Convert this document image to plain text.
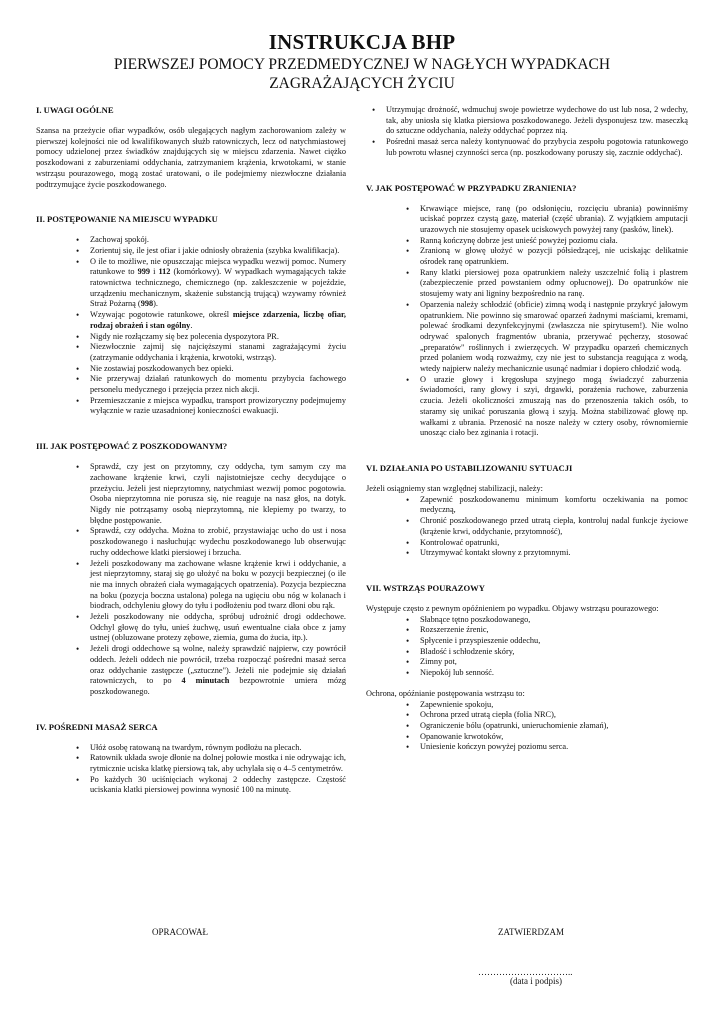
INSTRUKCJA BHP
PIERWSZEJ POMOCY PRZEDMEDYCZNEJ W NAGŁYCH WYPADKACH
ZAGRAŻAJĄCYCH ŻYCIU
I. UWAGI OGÓLNE

Szansa na przeżycie ofiar wypadków, osób ulegających nagłym zachorowaniom zależy w pierwszej kolejności nie od kwalifikowanych służb ratowniczych, lecz od natychmiastowej pomocy udzielonej przez świadków znajdujących się w miejscu zdarzenia. Nawet ciężko poszkodowani z zaburzeniami oddychania, zatrzymaniem krążenia, krwotokami, w stanie wstrząsu pourazowego, mogą zostać uratowani, o ile podejmiemy niezwłoczne działania podtrzymujące życie poszkodowanego.

II. POSTĘPOWANIE NA MIEJSCU WYPADKU
• Zachowaj spokój.
• Zorientuj się, ile jest ofiar i jakie odniosły obrażenia (szybka kwalifikacja).
• O ile to możliwe, nie opuszczając miejsca wypadku wezwij pomoc. Numery ratunkowe to 999 i 112 (komórkowy). W wypadkach wymagających także ratownictwa technicznego, chemicznego (np. zakleszczenie w pojeździe, urządzeniu mechanicznym, skażenie substancją trującą) wzywamy również Straż Pożarną (998).
• Wzywając pogotowie ratunkowe, określ miejsce zdarzenia, liczbę ofiar, rodzaj obrażeń i stan ogólny.
• Nigdy nie rozłączamy się bez polecenia dyspozytora PR.
• Niezwłocznie zajmij się najcięższymi stanami zagrażającymi życiu (zatrzymanie oddychania i krążenia, krwotoki, wstrząs).
• Nie zostawiaj poszkodowanych bez opieki.
• Nie przerywaj działań ratunkowych do momentu przybycia fachowego personelu medycznego i przejęcia przez nich akcji.
• Przemieszczanie z miejsca wypadku, transport prowizoryczny podejmujemy wyłącznie w razie uzasadnionej konieczności ewakuacji.
III. JAK POSTĘPOWAĆ Z POSZKODOWANYM?
• Sprawdź, czy jest on przytomny, czy oddycha, tym samym czy ma zachowane krążenie krwi, czyli najistotniejsze cechy decydujące o przeżyciu. Jeżeli jest nieprzytomny, natychmiast wezwij pomoc pogotowia. Osoba nieprzytomna nie porusza się, nie reaguje na nasz głos, na dotyk. Nigdy nie potrząsamy osobą nieprzytomną, nie klepiemy po twarzy, to błędne postępowanie.
• Sprawdź, czy oddycha. Można to zrobić, przystawiając ucho do ust i nosa poszkodowanego i nasłuchując wydechu poszkodowanego lub obserwując ruchy oddechowe klatki piersiowej i brzucha.
• Jeżeli poszkodowany ma zachowane własne krążenie krwi i oddychanie, a jest nieprzytomny, staraj się go ułożyć na boku w pozycji bezpiecznej (o ile nie ma innych obrażeń ciała wymagających opatrzenia). Pozycja bezpieczna na boku (pozycja boczna ustalona) polega na ugięciu obu nóg w kolanach i biodrach, odchyleniu głowy do tyłu i podłożeniu pod twarz dłoni obu rąk.
• Jeżeli poszkodowany nie oddycha, spróbuj udrożnić drogi oddechowe. Odchyl głowę do tyłu, unieś żuchwę, usuń ewentualne ciała obce z jamy ustnej (obluzowane protezy zębowe, ziemia, guma do żucia, itp.).
• Jeżeli drogi oddechowe są wolne, należy sprawdzić najpierw, czy powrócił oddech. Jeżeli oddech nie powrócił, trzeba rozpocząć pośredni masaż serca oraz oddychanie zastępcze („sztuczne"). Jeżeli nie podejmie się działań ratowniczych, to po 4 minutach bezpowrotnie umiera mózg poszkodowanego.
IV. POŚREDNI MASAŻ SERCA
• Ułóż osobę ratowaną na twardym, równym podłożu na plecach.
• Ratownik układa swoje dłonie na dolnej połowie mostka i nie odrywając ich, rytmicznie uciska klatkę piersiową tak, aby uchylała się o 4–5 centymetrów.
• Po każdych 30 uciśnięciach wykonaj 2 oddechy zastępcze. Częstość uciskania klatki piersiowej powinna wynosić 100 na minutę.
• Utrzymując drożność, wdmuchuj swoje powietrze wydechowe do ust lub nosa, 2 wdechy, tak, aby uniosła się klatka piersiowa poszkodowanego. Jeżeli dysponujesz tzw. maseczką do sztuczne oddychania, należy oddychać poprzez nią.
• Pośredni masaż serca należy kontynuować do przybycia zespołu pogotowia ratunkowego lub powrotu własnej czynności serca (np. poszkodowany poruszy się, zacznie oddychać).
V. JAK POSTĘPOWAĆ W PRZYPADKU ZRANIENIA?
• Krwawiące miejsce, ranę (po odsłonięciu, rozcięciu ubrania) powinniśmy uciskać poprzez czystą gazę, materiał (część ubrania). Z wyjątkiem amputacji urazowych nie stosujemy opasek uciskowych powyżej rany (pasków, linek).
• Ranną kończynę dobrze jest unieść powyżej poziomu ciała.
• Zranioną w głowę ułożyć w pozycji półsiedzącej, nie uciskając delikatnie ośrodek ranę opatrunkiem.
• Rany klatki piersiowej poza opatrunkiem należy uszczelnić folią i plastrem (zabezpieczenie przed powstaniem odmy opłucnowej). Do opatrunków nie stosujemy waty ani ligniny bezpośrednio na ranę.
• Oparzenia należy schłodzić (obficie) zimną wodą i następnie przykryć jałowym opatrunkiem. Nie powinno się smarować oparzeń żadnymi maściami, kremami, polewać środkami dezynfekcyjnymi (zwłaszcza nie spirytusem!). Nie wolno odrywać spalonych fragmentów ubrania, przerywać pęcherzy, stosować „preparatów" roślinnych i zwierzęcych. W przypadku oparzeń chemicznych przed polaniem wodą rozważmy, czy nie jest to substancja reagująca z wodą, wtedy najpierw należy mechanicznie usunąć nadmiar i dopiero chłodzić wodą.
• O urazie głowy i kręgosłupa szyjnego mogą świadczyć zaburzenia świadomości, rany głowy i szyi, drgawki, porażenia ruchowe, zaburzenia czucia. Jeżeli okoliczności zmuszają nas do przenoszenia takich osób, to staramy się unikać poruszania głową i szyją. Można stabilizować głowę np. wałkami z ubrania. Przenosić na nosze należy w czterу osoby, równomiernie unosząc ciało bez zginania i rotacji.
VI. DZIAŁANIA PO USTABILIZOWANIU SYTUACJI

Jeżeli osiągniemy stan względnej stabilizacji, należy:

• Zapewnić poszkodowanemu minimum komfortu oczekiwania na pomoc medyczną,
• Chronić poszkodowanego przed utratą ciepła, kontroluj nadal funkcje życiowe (krążenie krwi, oddychanie, przytomność),
• Kontrolować opatrunki,
• Utrzymywać kontakt słowny z przytomnymi.
VII. WSTRZĄS POURAZOWY

Występuje często z pewnym opóźnieniem po wypadku. Objawy wstrząsu pourazowego:

• Słabnące tętno poszkodowanego,
• Rozszerzenie źrenic,
• Spłycenie i przyspieszenie oddechu,
• Bladość i schłodzenie skóry,
• Zimny pot,
• Niepokój lub senność.

Ochrona, opóźnianie postępowania wstrząsu to:

• Zapewnienie spokoju,
• Ochrona przed utratą ciepła (folia NRC),
• Ograniczenie bólu (opatrunki, unieruchomienie złamań),
• Opanowanie krwotoków,
• Uniesienie kończyn powyżej poziomu serca.
OPRACOWAŁ	ZATWIERDZAM
…………………………..
(data i podpis)
